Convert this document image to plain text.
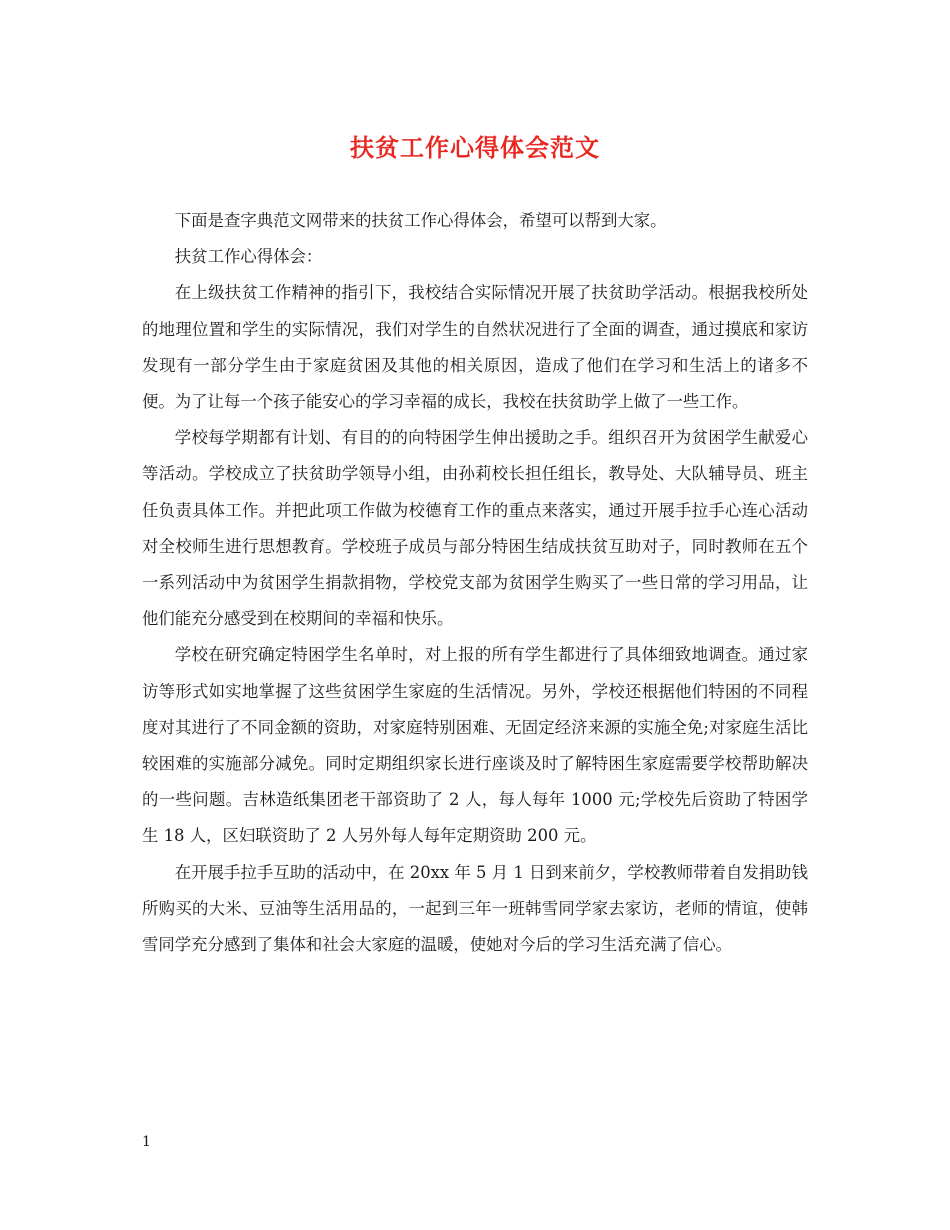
扶贫工作心得体会范文

下面是查字典范文网带来的扶贫工作心得体会，希望可以帮到大家。

扶贫工作心得体会：

在上级扶贫工作精神的指引下，我校结合实际情况开展了扶贫助学活动。根据我校所处的地理位置和学生的实际情况，我们对学生的自然状况进行了全面的调查，通过摸底和家访发现有一部分学生由于家庭贫困及其他的相关原因，造成了他们在学习和生活上的诸多不便。为了让每一个孩子能安心的学习幸福的成长，我校在扶贫助学上做了一些工作。

学校每学期都有计划、有目的的向特困学生伸出援助之手。组织召开为贫困学生献爱心等活动。学校成立了扶贫助学领导小组，由孙莉校长担任组长，教导处、大队辅导员、班主任负责具体工作。并把此项工作做为校德育工作的重点来落实，通过开展手拉手心连心活动对全校师生进行思想教育。学校班子成员与部分特困生结成扶贫互助对子，同时教师在五个一系列活动中为贫困学生捐款捐物，学校党支部为贫困学生购买了一些日常的学习用品，让他们能充分感受到在校期间的幸福和快乐。

学校在研究确定特困学生名单时，对上报的所有学生都进行了具体细致地调查。通过家访等形式如实地掌握了这些贫困学生家庭的生活情况。另外，学校还根据他们特困的不同程度对其进行了不同金额的资助，对家庭特别困难、无固定经济来源的实施全免;对家庭生活比较困难的实施部分减免。同时定期组织家长进行座谈及时了解特困生家庭需要学校帮助解决的一些问题。吉林造纸集团老干部资助了 2 人，每人每年 1000 元;学校先后资助了特困学生 18 人，区妇联资助了 2 人另外每人每年定期资助 200 元。

在开展手拉手互助的活动中，在 20xx 年 5 月 1 日到来前夕，学校教师带着自发捐助钱所购买的大米、豆油等生活用品的，一起到三年一班韩雪同学家去家访，老师的情谊，使韩雪同学充分感到了集体和社会大家庭的温暖，使她对今后的学习生活充满了信心。

1
